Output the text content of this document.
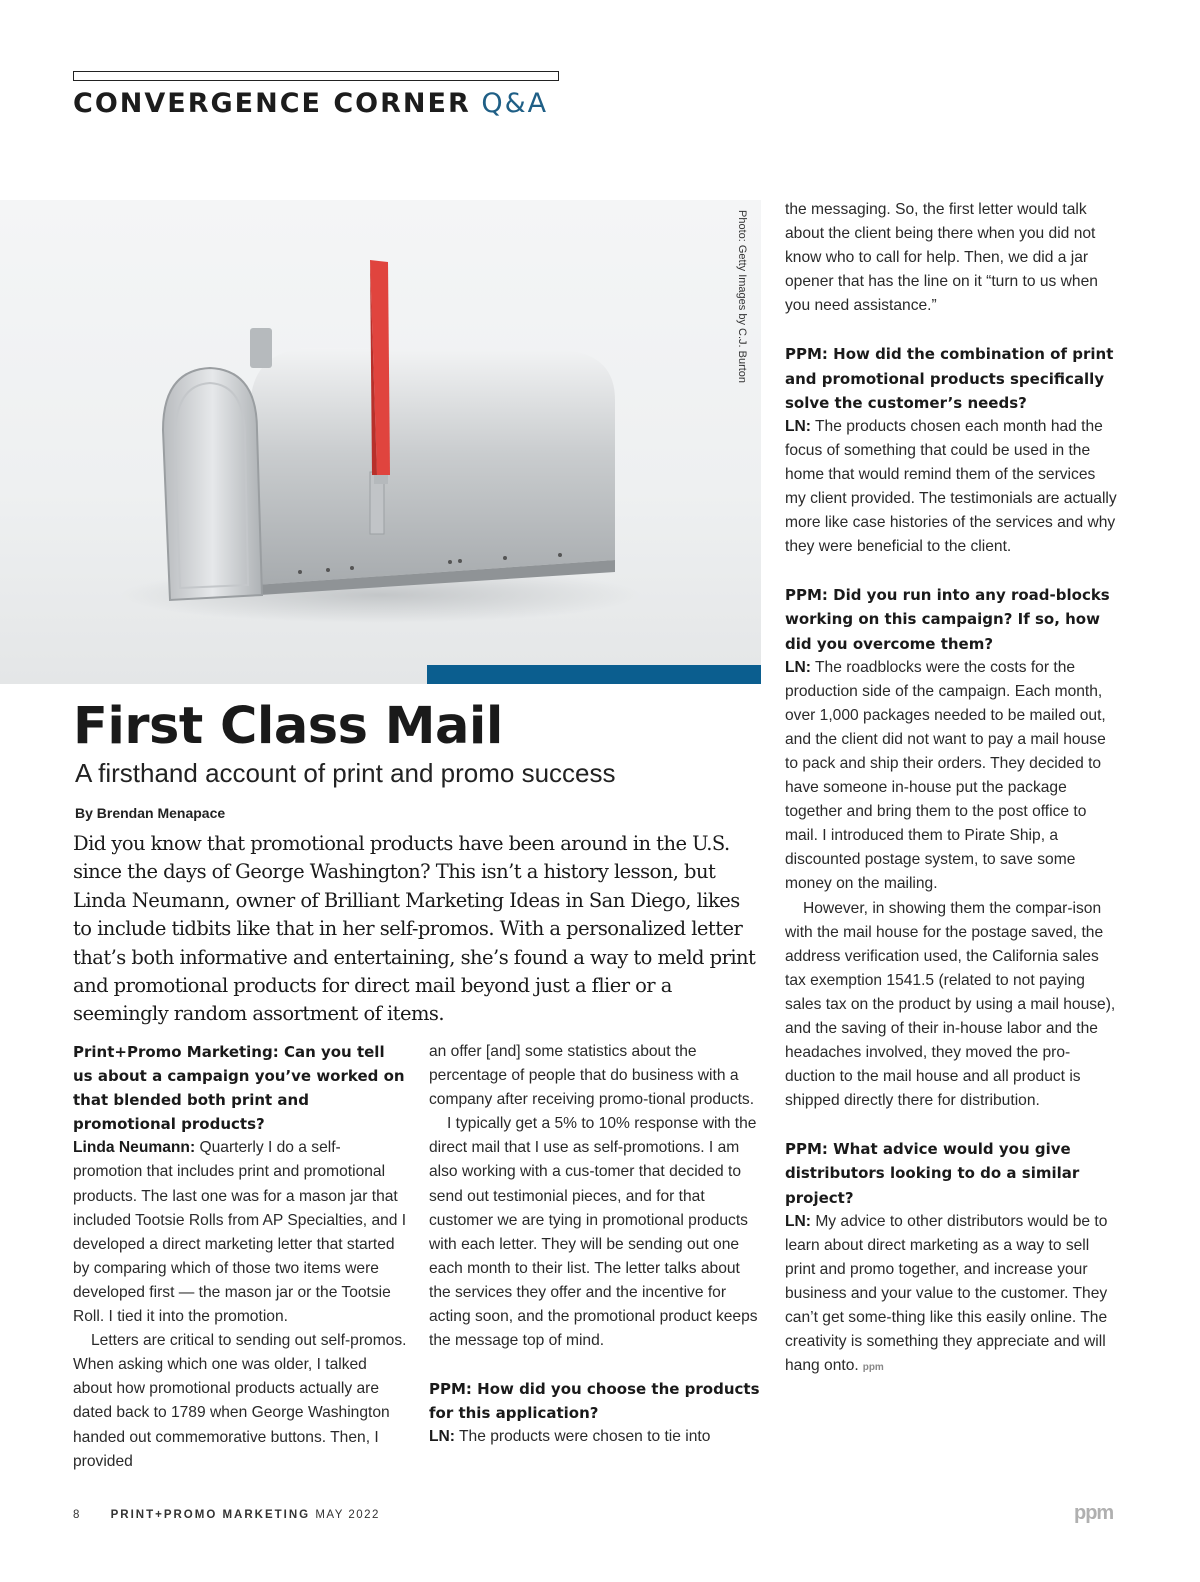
CONVERGENCE CORNER Q&A
Photo: Getty Images by C.J. Burton
First Class Mail
A firsthand account of print and promo success
By Brendan Menapace
Did you know that promotional products have been around in the U.S. since the days of George Washington? This isn’t a history lesson, but Linda Neumann, owner of Brilliant Marketing Ideas in San Diego, likes to include tidbits like that in her self-promos. With a personalized letter that’s both informative and entertaining, she’s found a way to meld print and promotional products for direct mail beyond just a flier or a seemingly random assortment of items.

Print+Promo Marketing: Can you tell us about a campaign you’ve worked on that blended both print and promotional products?

Linda Neumann: Quarterly I do a self-promotion that includes print and promotional products. The last one was for a mason jar that included Tootsie Rolls from AP Specialties, and I developed a direct marketing letter that started by comparing which of those two items were developed first — the mason jar or the Tootsie Roll. I tied it into the promotion.

Letters are critical to sending out self-promos. When asking which one was older, I talked about how promotional products actually are dated back to 1789 when George Washington handed out commemorative buttons. Then, I provided

an offer [and] some statistics about the percentage of people that do business with a company after receiving promo-tional products.

I typically get a 5% to 10% response with the direct mail that I use as self-promotions. I am also working with a cus-tomer that decided to send out testimonial pieces, and for that customer we are tying in promotional products with each letter. They will be sending out one each month to their list. The letter talks about the services they offer and the incentive for acting soon, and the promotional product keeps the message top of mind.

PPM: How did you choose the products for this application?

LN: The products were chosen to tie into

the messaging. So, the first letter would talk about the client being there when you did not know who to call for help. Then, we did a jar opener that has the line on it “turn to us when you need assistance.”

PPM: How did the combination of print and promotional products specifically solve the customer’s needs?

LN: The products chosen each month had the focus of something that could be used in the home that would remind them of the services my client provided. The testimonials are actually more like case histories of the services and why they were beneficial to the client.

PPM: Did you run into any road-blocks working on this campaign? If so, how did you overcome them?

LN: The roadblocks were the costs for the production side of the campaign. Each month, over 1,000 packages needed to be mailed out, and the client did not want to pay a mail house to pack and ship their orders. They decided to have someone in-house put the package together and bring them to the post office to mail. I introduced them to Pirate Ship, a discounted postage system, to save some money on the mailing.

However, in showing them the compar-ison with the mail house for the postage saved, the address verification used, the California sales tax exemption 1541.5 (related to not paying sales tax on the product by using a mail house), and the saving of their in-house labor and the headaches involved, they moved the pro-duction to the mail house and all product is shipped directly there for distribution.

PPM: What advice would you give distributors looking to do a similar project?

LN: My advice to other distributors would be to learn about direct marketing as a way to sell print and promo together, and increase your business and your value to the customer. They can’t get some-thing like this easily online. The creativity is something they appreciate and will hang onto. ppm

8	PRINT+PROMO MARKETING MAY 2022	ppm
